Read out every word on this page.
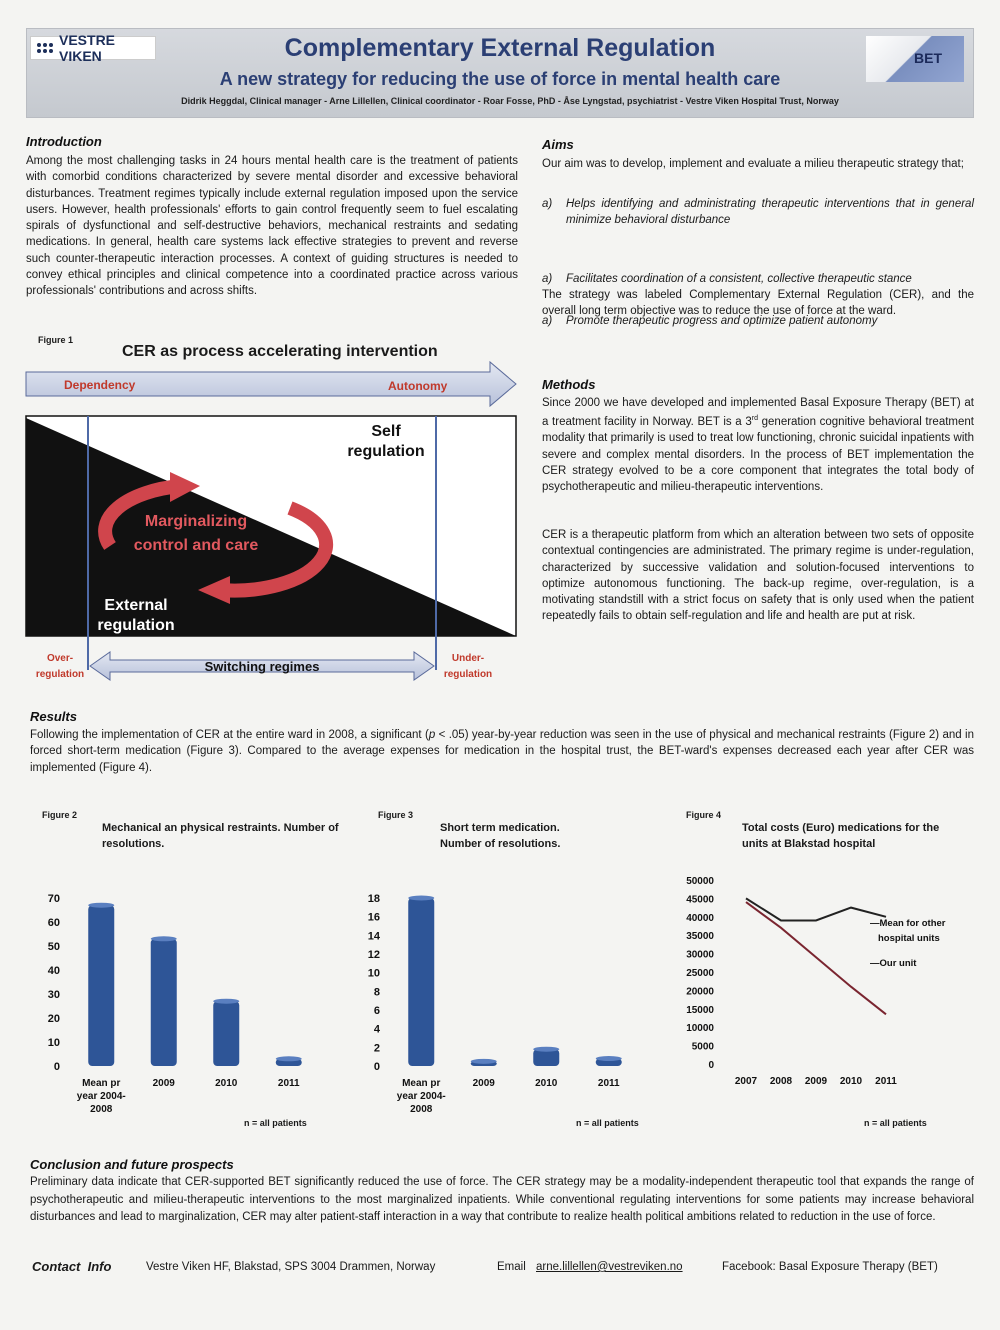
VESTRE VIKEN	Complementary External Regulation
A new strategy for reducing the use of force in mental health care
Didrik Heggdal, Clinical manager - Arne Lillellen, Clinical coordinator - Roar Fosse, PhD - Åse Lyngstad, psychiatrist - Vestre Viken Hospital Trust, Norway
BET
Introduction

Among the most challenging tasks in 24 hours mental health care is the treatment of patients with comorbid conditions characterized by severe mental disorder and excessive behavioral disturbances. Treatment regimes typically include external regulation imposed upon the service users. However, health professionals' efforts to gain control frequently seem to fuel escalating spirals of dysfunctional and self-destructive behaviors, mechanical restraints and sedating medications. In general, health care systems lack effective strategies to prevent and reverse such counter-therapeutic interaction processes. A context of guiding structures is needed to convey ethical principles and clinical competence into a coordinated practice across various professionals' contributions and across shifts.

Aims

Our aim was to develop, implement and evaluate a milieu therapeutic strategy that;

a) Helps identifying and administrating therapeutic interventions that in general minimize behavioral disturbance
a) Facilitates coordination of a consistent, collective therapeutic stance
a) Promote therapeutic progress and optimize patient autonomy

The strategy was labeled Complementary External Regulation (CER), and the overall long term objective was to reduce the use of force at the ward.

Figure 1
CER as process accelerating intervention
Dependency	Autonomy
Self
regulation
Marginalizing
control and care
External
regulation
Over-
regulation
Switching regimes
Under-
regulation
Methods

Since 2000 we have developed and implemented Basal Exposure Therapy (BET) at a treatment facility in Norway. BET is a 3rd generation cognitive behavioral treatment modality that primarily is used to treat low functioning, chronic suicidal inpatients with severe and complex mental disorders. In the process of BET implementation the CER strategy evolved to be a core component that integrates the total body of psychotherapeutic and milieu-therapeutic interventions.

CER is a therapeutic platform from which an alteration between two sets of opposite contextual contingencies are administrated. The primary regime is under-regulation, characterized by successive validation and solution-focused interventions to optimize autonomous functioning. The back-up regime, over-regulation, is a motivating standstill with a strict focus on safety that is only used when the patient repeatedly fails to obtain self-regulation and life and health are put at risk.

Results

Following the implementation of CER at the entire ward in 2008, a significant (p < .05) year-by-year reduction was seen in the use of physical and mechanical restraints (Figure 2) and in forced short-term medication (Figure 3). Compared to the average expenses for medication in the hospital trust, the BET-ward's expenses decreased each year after CER was implemented (Figure 4).

Figure 2
Mechanical an physical restraints. Number of resolutions.
0
10
20
30
40
50
60
70
Mean pr
year 2004-
2008
2009	2010	2011
n = all patients
Figure 3
Short term medication. Number of resolutions.
0
2
4
6
8
10
12
14
16
18
Mean pr
year 2004-
2008
2009	2010	2011
n = all patients
Figure 4
Total costs (Euro) medications for the units at Blakstad hospital
0
5000
10000
15000
20000
25000
30000
35000
40000
45000
50000
2007 2008 2009 2010 2011
—Mean for other
hospital units
—Our unit
n = all patients
Conclusion and future prospects

Preliminary data indicate that CER-supported BET significantly reduced the use of force. The CER strategy may be a modality-independent therapeutic tool that expands the range of psychotherapeutic and milieu-therapeutic interventions to the most marginalized inpatients. While conventional regulating interventions for some patients may increase behavioral disturbances and lead to marginalization, CER may alter patient-staff interaction in a way that contribute to realize health political ambitions related to reduction in the use of force.

Contact  Info	Vestre Viken HF, Blakstad, SPS 3004 Drammen, Norway	Email arne.lillellen@vestreviken.no	Facebook: Basal Exposure Therapy (BET)
